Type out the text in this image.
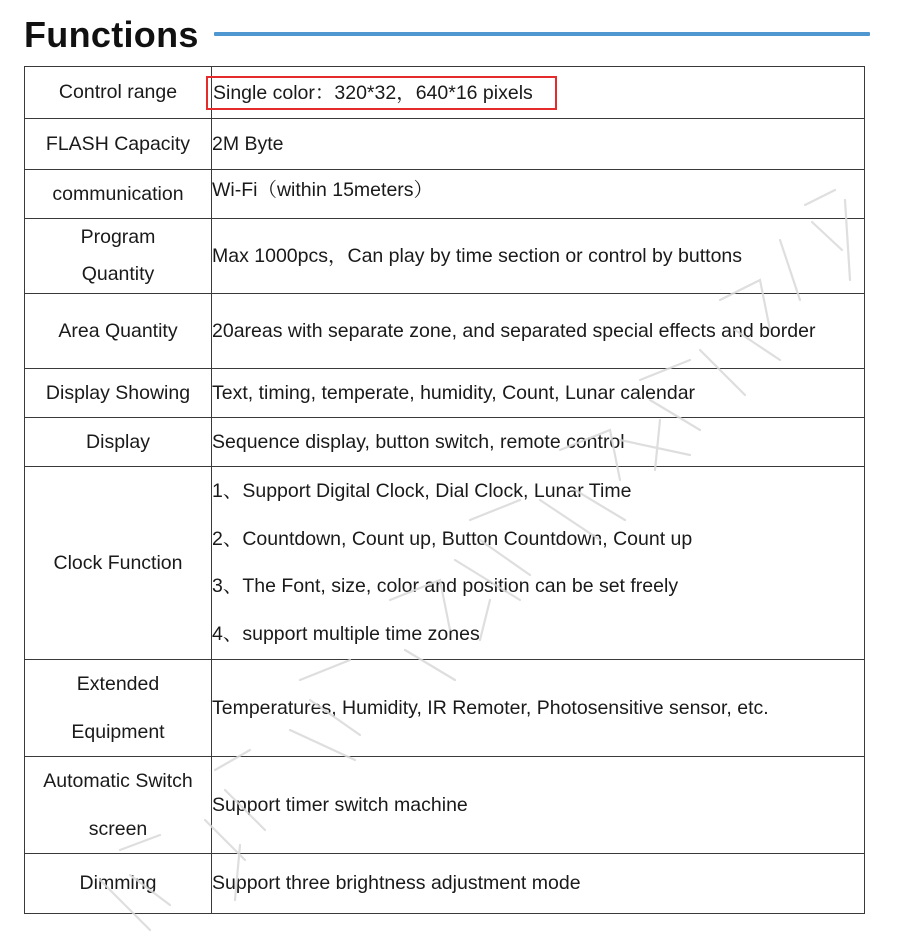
Functions
Control range	Single color：320*32，640*16 pixels
FLASH Capacity	2M Byte
communication	Wi-Fi（within 15meters）

Program
Quantity	Max 1000pcs，Can play by time section or control by buttons
Area Quantity	20areas with separate zone, and separated special effects and border
Display Showing	Text, timing, temperate, humidity, Count, Lunar calendar
Display	Sequence display, button switch, remote control
Clock Function	1、Support Digital Clock, Dial Clock, Lunar Time
2、Countdown, Count up, Button Countdown, Count up
3、The Font, size, color and position can be set freely
4、support multiple time zones

Extended
Equipment	Temperatures, Humidity, IR Remoter, Photosensitive sensor, etc.

Automatic Switch
screen	Support timer switch machine
Dimming	Support three brightness adjustment mode
